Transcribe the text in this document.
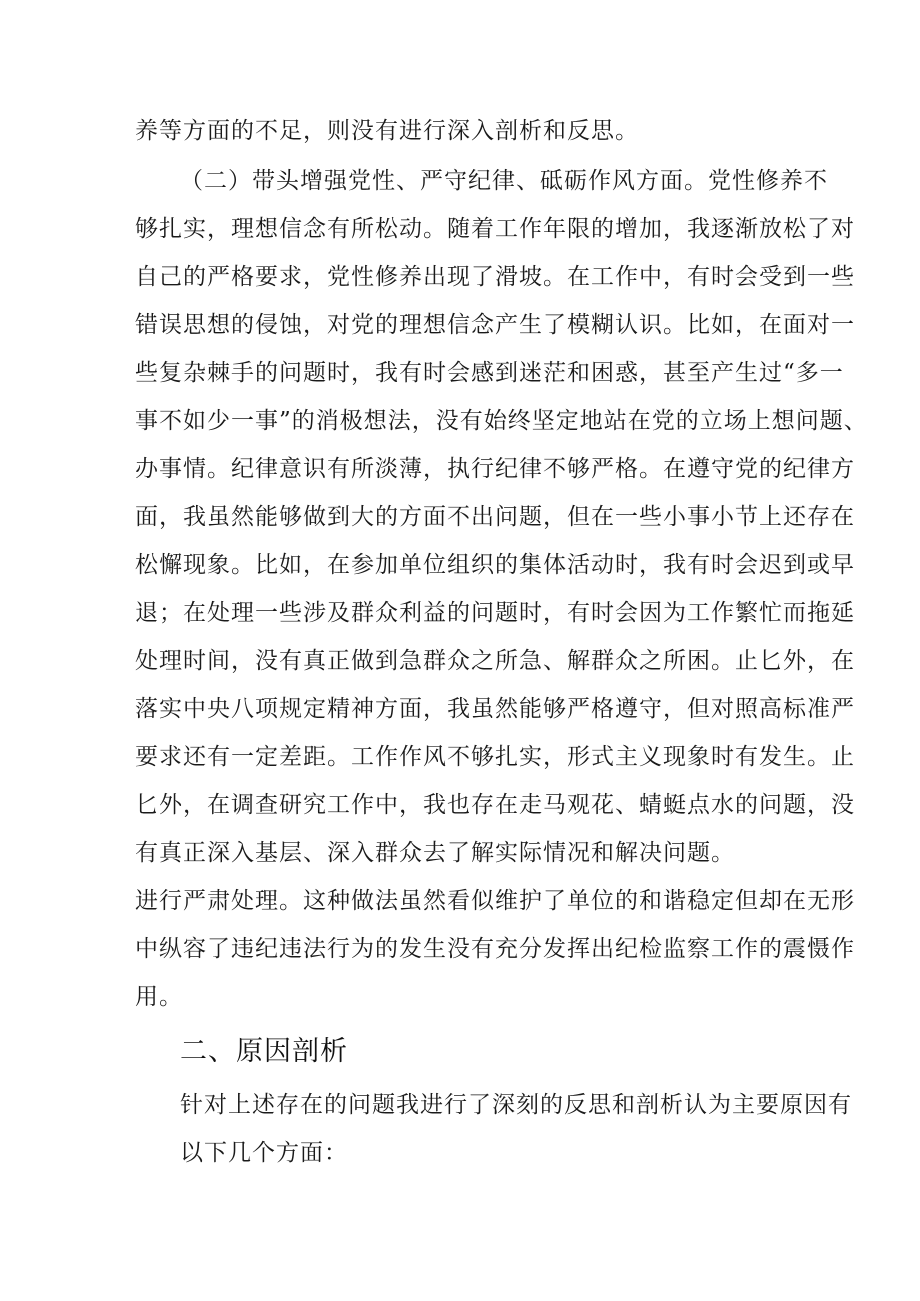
养等方面的不足，则没有进行深入剖析和反思。
（二）带头增强党性、严守纪律、砥砺作风方面。党性修养不
够扎实，理想信念有所松动。随着工作年限的增加，我逐渐放松了对
自己的严格要求，党性修养出现了滑坡。在工作中，有时会受到一些
错误思想的侵蚀，对党的理想信念产生了模糊认识。比如，在面对一
些复杂棘手的问题时，我有时会感到迷茫和困惑，甚至产生过“多一
事不如少一事”的消极想法，没有始终坚定地站在党的立场上想问题、
办事情。纪律意识有所淡薄，执行纪律不够严格。在遵守党的纪律方
面，我虽然能够做到大的方面不出问题，但在一些小事小节上还存在
松懈现象。比如，在参加单位组织的集体活动时，我有时会迟到或早
退；在处理一些涉及群众利益的问题时，有时会因为工作繁忙而拖延
处理时间，没有真正做到急群众之所急、解群众之所困。止匕外，在
落实中央八项规定精神方面，我虽然能够严格遵守，但对照高标准严
要求还有一定差距。工作作风不够扎实，形式主义现象时有发生。止
匕外，在调查研究工作中，我也存在走马观花、蜻蜓点水的问题，没
有真正深入基层、深入群众去了解实际情况和解决问题。
进行严肃处理。这种做法虽然看似维护了单位的和谐稳定但却在无形
中纵容了违纪违法行为的发生没有充分发挥出纪检监察工作的震慑作
用。
二、原因剖析
针对上述存在的问题我进行了深刻的反思和剖析认为主要原因有
以下几个方面：
